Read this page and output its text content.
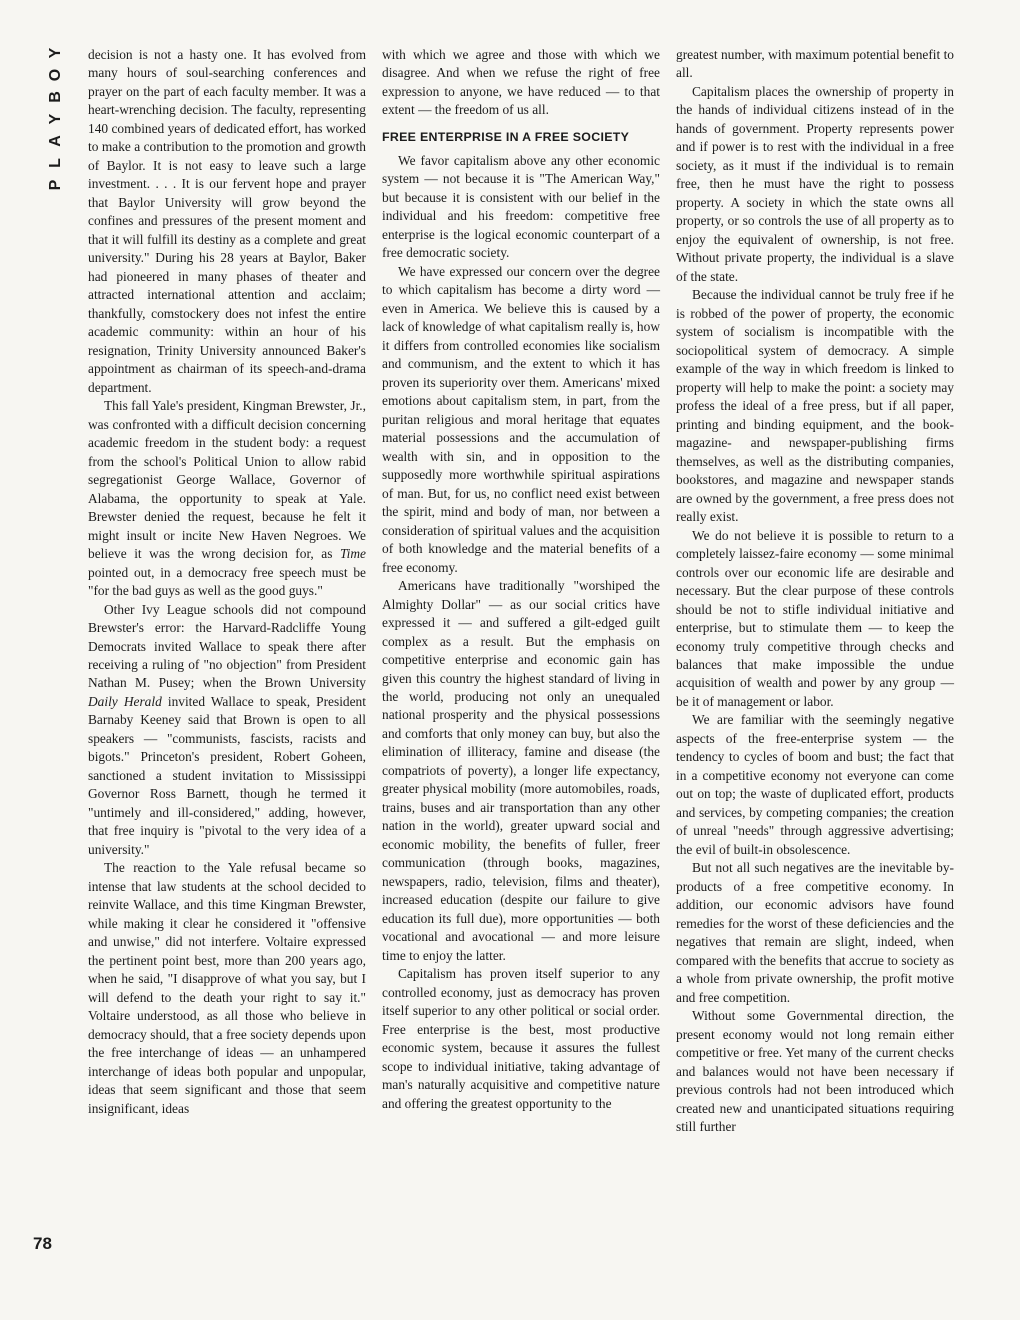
Y
O
B
Y
A
L
P
78

decision is not a hasty one. It has evolved from many hours of soul-searching conferences and prayer on the part of each faculty member. It was a heart-wrenching decision. The faculty, representing 140 combined years of dedicated effort, has worked to make a contribution to the promotion and growth of Baylor. It is not easy to leave such a large investment. . . . It is our fervent hope and prayer that Baylor University will grow beyond the confines and pressures of the present moment and that it will fulfill its destiny as a complete and great university." During his 28 years at Baylor, Baker had pioneered in many phases of theater and attracted international attention and acclaim; thankfully, comstockery does not infest the entire academic community: within an hour of his resignation, Trinity University announced Baker's appointment as chairman of its speech-and-drama department.

This fall Yale's president, Kingman Brewster, Jr., was confronted with a difficult decision concerning academic freedom in the student body: a request from the school's Political Union to allow rabid segregationist George Wallace, Governor of Alabama, the opportunity to speak at Yale. Brewster denied the request, because he felt it might insult or incite New Haven Negroes. We believe it was the wrong decision for, as Time pointed out, in a democracy free speech must be "for the bad guys as well as the good guys."

Other Ivy League schools did not compound Brewster's error: the Harvard-Radcliffe Young Democrats invited Wallace to speak there after receiving a ruling of "no objection" from President Nathan M. Pusey; when the Brown University Daily Herald invited Wallace to speak, President Barnaby Keeney said that Brown is open to all speakers — "communists, fascists, racists and bigots." Princeton's president, Robert Goheen, sanctioned a student invitation to Mississippi Governor Ross Barnett, though he termed it "untimely and ill-considered," adding, however, that free inquiry is "pivotal to the very idea of a university."

The reaction to the Yale refusal became so intense that law students at the school decided to reinvite Wallace, and this time Kingman Brewster, while making it clear he considered it "offensive and unwise," did not interfere. Voltaire expressed the pertinent point best, more than 200 years ago, when he said, "I disapprove of what you say, but I will defend to the death your right to say it." Voltaire understood, as all those who believe in democracy should, that a free society depends upon the free interchange of ideas — an unhampered interchange of ideas both popular and unpopular, ideas that seem significant and those that seem insignificant, ideas

with which we agree and those with which we disagree. And when we refuse the right of free expression to anyone, we have reduced — to that extent — the freedom of us all.

FREE ENTERPRISE IN A FREE SOCIETY

We favor capitalism above any other economic system — not because it is "The American Way," but because it is consistent with our belief in the individual and his freedom: competitive free enterprise is the logical economic counterpart of a free democratic society.

We have expressed our concern over the degree to which capitalism has become a dirty word — even in America. We believe this is caused by a lack of knowledge of what capitalism really is, how it differs from controlled economies like socialism and communism, and the extent to which it has proven its superiority over them. Americans' mixed emotions about capitalism stem, in part, from the puritan religious and moral heritage that equates material possessions and the accumulation of wealth with sin, and in opposition to the supposedly more worthwhile spiritual aspirations of man. But, for us, no conflict need exist between the spirit, mind and body of man, nor between a consideration of spiritual values and the acquisition of both knowledge and the material benefits of a free economy.

Americans have traditionally "worshiped the Almighty Dollar" — as our social critics have expressed it — and suffered a gilt-edged guilt complex as a result. But the emphasis on competitive enterprise and economic gain has given this country the highest standard of living in the world, producing not only an unequaled national prosperity and the physical possessions and comforts that only money can buy, but also the elimination of illiteracy, famine and disease (the compatriots of poverty), a longer life expectancy, greater physical mobility (more automobiles, roads, trains, buses and air transportation than any other nation in the world), greater upward social and economic mobility, the benefits of fuller, freer communication (through books, magazines, newspapers, radio, television, films and theater), increased education (despite our failure to give education its full due), more opportunities — both vocational and avocational — and more leisure time to enjoy the latter.

Capitalism has proven itself superior to any controlled economy, just as democracy has proven itself superior to any other political or social order. Free enterprise is the best, most productive economic system, because it assures the fullest scope to individual initiative, taking advantage of man's naturally acquisitive and competitive nature and offering the greatest opportunity to the

greatest number, with maximum potential benefit to all.

Capitalism places the ownership of property in the hands of individual citizens instead of in the hands of government. Property represents power and if power is to rest with the individual in a free society, as it must if the individual is to remain free, then he must have the right to possess property. A society in which the state owns all property, or so controls the use of all property as to enjoy the equivalent of ownership, is not free. Without private property, the individual is a slave of the state.

Because the individual cannot be truly free if he is robbed of the power of property, the economic system of socialism is incompatible with the sociopolitical system of democracy. A simple example of the way in which freedom is linked to property will help to make the point: a society may profess the ideal of a free press, but if all paper, printing and binding equipment, and the book-magazine- and newspaper-publishing firms themselves, as well as the distributing companies, bookstores, and magazine and newspaper stands are owned by the government, a free press does not really exist.

We do not believe it is possible to return to a completely laissez-faire economy — some minimal controls over our economic life are desirable and necessary. But the clear purpose of these controls should be not to stifle individual initiative and enterprise, but to stimulate them — to keep the economy truly competitive through checks and balances that make impossible the undue acquisition of wealth and power by any group — be it of management or labor.

We are familiar with the seemingly negative aspects of the free-enterprise system — the tendency to cycles of boom and bust; the fact that in a competitive economy not everyone can come out on top; the waste of duplicated effort, products and services, by competing companies; the creation of unreal "needs" through aggressive advertising; the evil of built-in obsolescence.

But not all such negatives are the inevitable by-products of a free competitive economy. In addition, our economic advisors have found remedies for the worst of these deficiencies and the negatives that remain are slight, indeed, when compared with the benefits that accrue to society as a whole from private ownership, the profit motive and free competition.

Without some Governmental direction, the present economy would not long remain either competitive or free. Yet many of the current checks and balances would not have been necessary if previous controls had not been introduced which created new and unanticipated situations requiring still further
